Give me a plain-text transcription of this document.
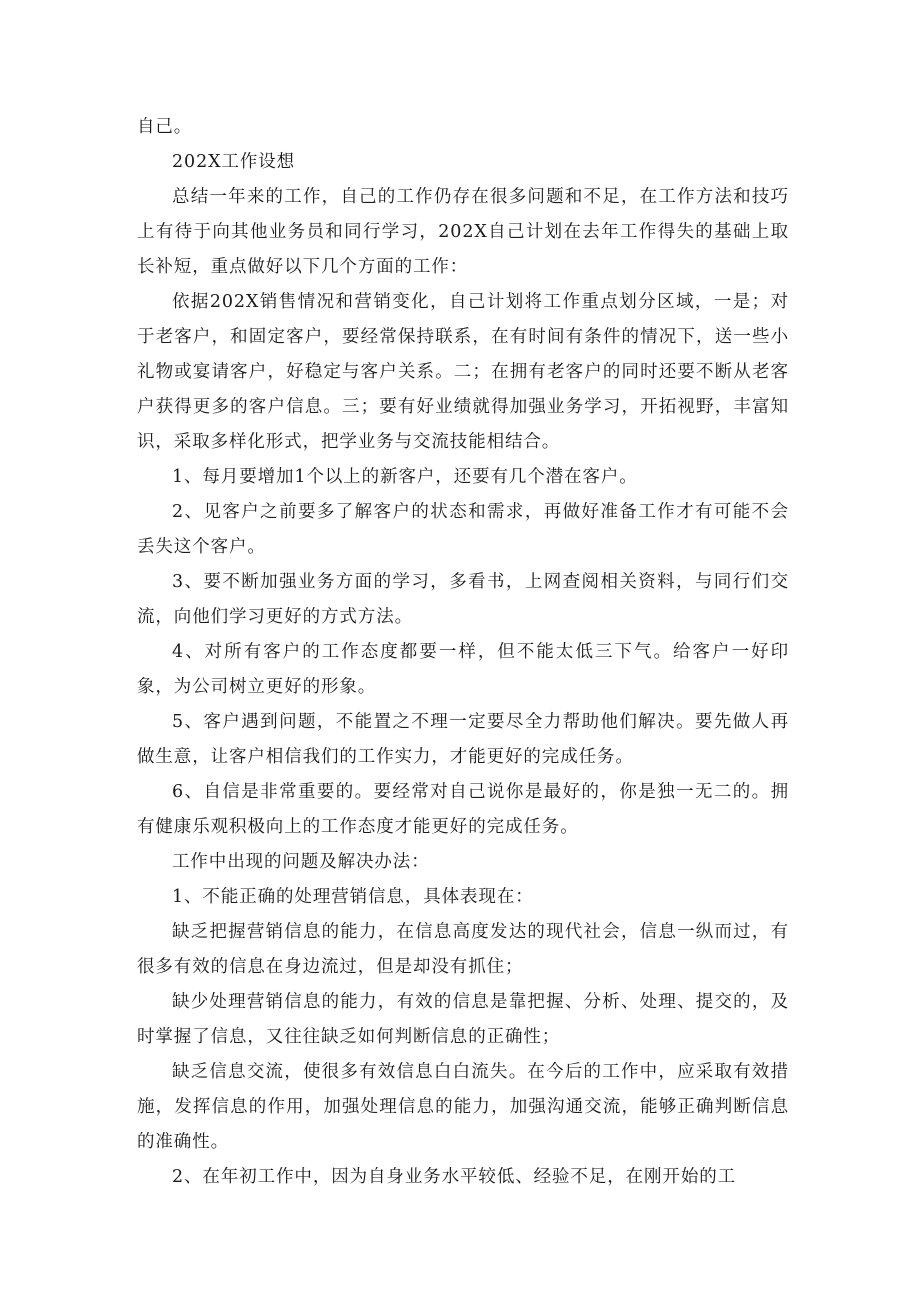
自己。

202X工作设想

总结一年来的工作，自己的工作仍存在很多问题和不足，在工作方法和技巧上有待于向其他业务员和同行学习，202X自己计划在去年工作得失的基础上取长补短，重点做好以下几个方面的工作：

依据202X销售情况和营销变化，自己计划将工作重点划分区域，一是；对于老客户，和固定客户，要经常保持联系，在有时间有条件的情况下，送一些小礼物或宴请客户，好稳定与客户关系。二；在拥有老客户的同时还要不断从老客户获得更多的客户信息。三；要有好业绩就得加强业务学习，开拓视野，丰富知识，采取多样化形式，把学业务与交流技能相结合。

1、每月要增加1个以上的新客户，还要有几个潜在客户。

2、见客户之前要多了解客户的状态和需求，再做好准备工作才有可能不会丢失这个客户。

3、要不断加强业务方面的学习，多看书，上网查阅相关资料，与同行们交流，向他们学习更好的方式方法。

4、对所有客户的工作态度都要一样，但不能太低三下气。给客户一好印象，为公司树立更好的形象。

5、客户遇到问题，不能置之不理一定要尽全力帮助他们解决。要先做人再做生意，让客户相信我们的工作实力，才能更好的完成任务。

6、自信是非常重要的。要经常对自己说你是最好的，你是独一无二的。拥有健康乐观积极向上的工作态度才能更好的完成任务。

工作中出现的问题及解决办法：

1、不能正确的处理营销信息，具体表现在：

缺乏把握营销信息的能力，在信息高度发达的现代社会，信息一纵而过，有很多有效的信息在身边流过，但是却没有抓住；

缺少处理营销信息的能力，有效的信息是靠把握、分析、处理、提交的，及时掌握了信息，又往往缺乏如何判断信息的正确性；

缺乏信息交流，使很多有效信息白白流失。在今后的工作中，应采取有效措施，发挥信息的作用，加强处理信息的能力，加强沟通交流，能够正确判断信息的准确性。

2、在年初工作中，因为自身业务水平较低、经验不足，在刚开始的工
